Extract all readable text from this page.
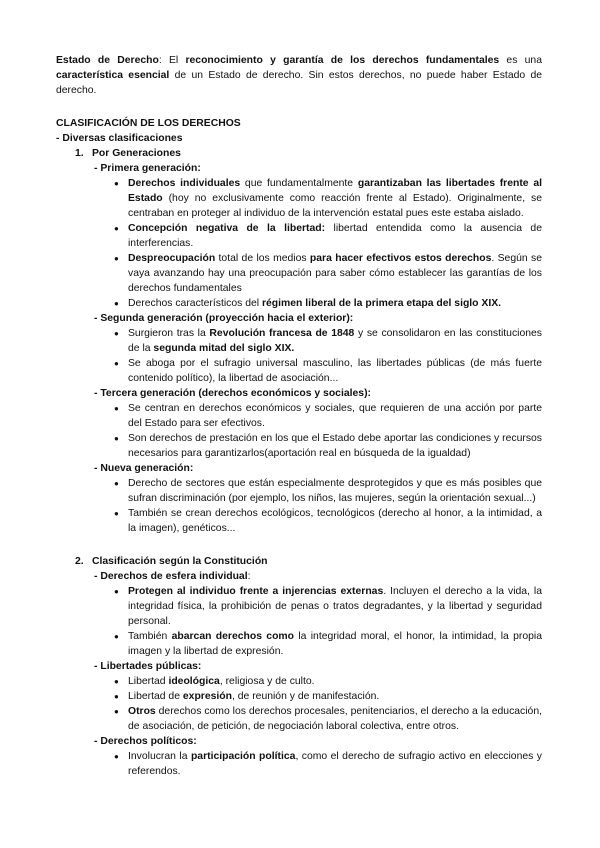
Estado de Derecho: El reconocimiento y garantía de los derechos fundamentales es una característica esencial de un Estado de derecho. Sin estos derechos, no puede haber Estado de derecho.

CLASIFICACIÓN DE LOS DERECHOS

- Diversas clasificaciones

1. Por Generaciones

- Primera generación:

● Derechos individuales que fundamentalmente garantizaban las libertades frente al Estado (hoy no exclusivamente como reacción frente al Estado). Originalmente, se centraban en proteger al individuo de la intervención estatal pues este estaba aislado.

● Concepción negativa de la libertad: libertad entendida como la ausencia de interferencias.

● Despreocupación total de los medios para hacer efectivos estos derechos. Según se vaya avanzando hay una preocupación para saber cómo establecer las garantías de los derechos fundamentales

● Derechos característicos del régimen liberal de la primera etapa del siglo XIX.

- Segunda generación (proyección hacia el exterior):

● Surgieron tras la Revolución francesa de 1848 y se consolidaron en las constituciones de la segunda mitad del siglo XIX.

● Se aboga por el sufragio universal masculino, las libertades públicas (de más fuerte contenido político), la libertad de asociación...

- Tercera generación (derechos económicos y sociales):

● Se centran en derechos económicos y sociales, que requieren de una acción por parte del Estado para ser efectivos.

● Son derechos de prestación en los que el Estado debe aportar las condiciones y recursos necesarios para garantizarlos(aportación real en búsqueda de la igualdad)

- Nueva generación:

● Derecho de sectores que están especialmente desprotegidos y que es más posibles que sufran discriminación (por ejemplo, los niños, las mujeres, según la orientación sexual...)

● También se crean derechos ecológicos, tecnológicos (derecho al honor, a la intimidad, a la imagen), genéticos...

2. Clasificación según la Constitución

- Derechos de esfera individual:

● Protegen al individuo frente a injerencias externas. Incluyen el derecho a la vida, la integridad física, la prohibición de penas o tratos degradantes, y la libertad y seguridad personal.

● También abarcan derechos como la integridad moral, el honor, la intimidad, la propia imagen y la libertad de expresión.

- Libertades públicas:

● Libertad ideológica, religiosa y de culto.

● Libertad de expresión, de reunión y de manifestación.

● Otros derechos como los derechos procesales, penitenciarios, el derecho a la educación, de asociación, de petición, de negociación laboral colectiva, entre otros.

- Derechos políticos:

● Involucran la participación política, como el derecho de sufragio activo en elecciones y referendos.
